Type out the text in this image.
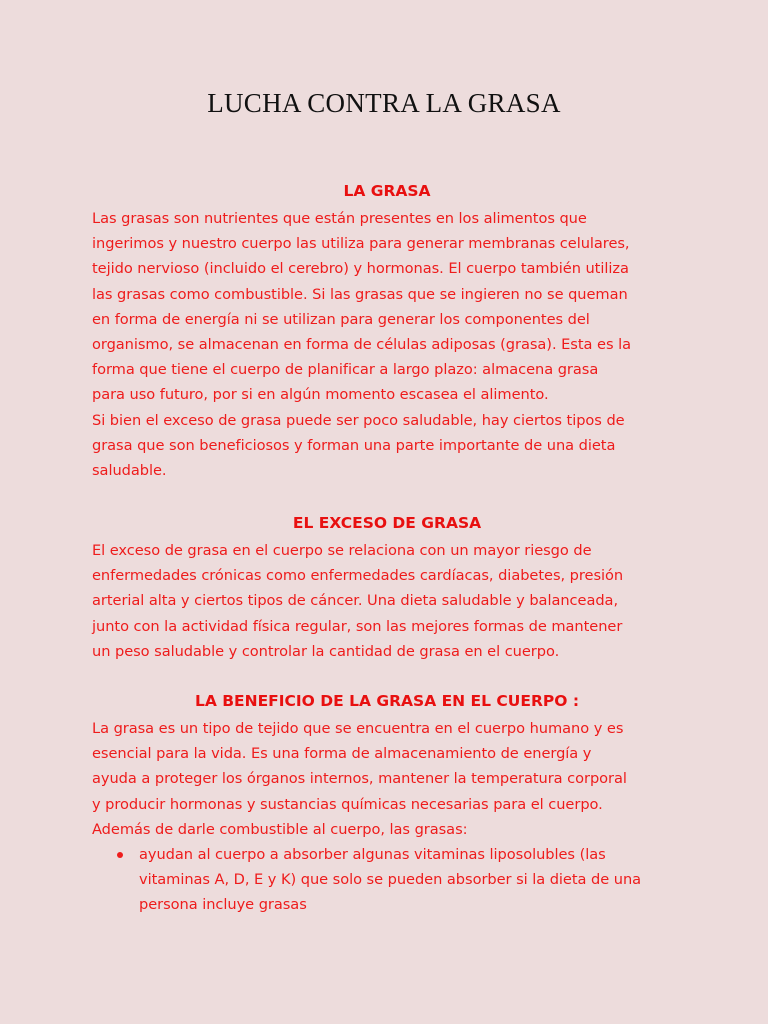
LUCHA CONTRA LA GRASA
LA GRASA

Las grasas son nutrientes que están presentes en los alimentos que
ingerimos y nuestro cuerpo las utiliza para generar membranas celulares,
tejido nervioso (incluido el cerebro) y hormonas. El cuerpo también utiliza
las grasas como combustible. Si las grasas que se ingieren no se queman
en forma de energía ni se utilizan para generar los componentes del
organismo, se almacenan en forma de células adiposas (grasa). Esta es la
forma que tiene el cuerpo de planificar a largo plazo: almacena grasa
para uso futuro, por si en algún momento escasea el alimento.
Si bien el exceso de grasa puede ser poco saludable, hay ciertos tipos de
grasa que son beneficiosos y forman una parte importante de una dieta
saludable.

EL EXCESO DE GRASA

El exceso de grasa en el cuerpo se relaciona con un mayor riesgo de
enfermedades crónicas como enfermedades cardíacas, diabetes, presión
arterial alta y ciertos tipos de cáncer. Una dieta saludable y balanceada,
junto con la actividad física regular, son las mejores formas de mantener
un peso saludable y controlar la cantidad de grasa en el cuerpo.

LA BENEFICIO DE LA GRASA EN EL CUERPO :

La grasa es un tipo de tejido que se encuentra en el cuerpo humano y es
esencial para la vida. Es una forma de almacenamiento de energía y
ayuda a proteger los órganos internos, mantener la temperatura corporal
y producir hormonas y sustancias químicas necesarias para el cuerpo.
Además de darle combustible al cuerpo, las grasas:

ayudan al cuerpo a absorber algunas vitaminas liposolubles (las
vitaminas A, D, E y K) que solo se pueden absorber si la dieta de una
persona incluye grasas
